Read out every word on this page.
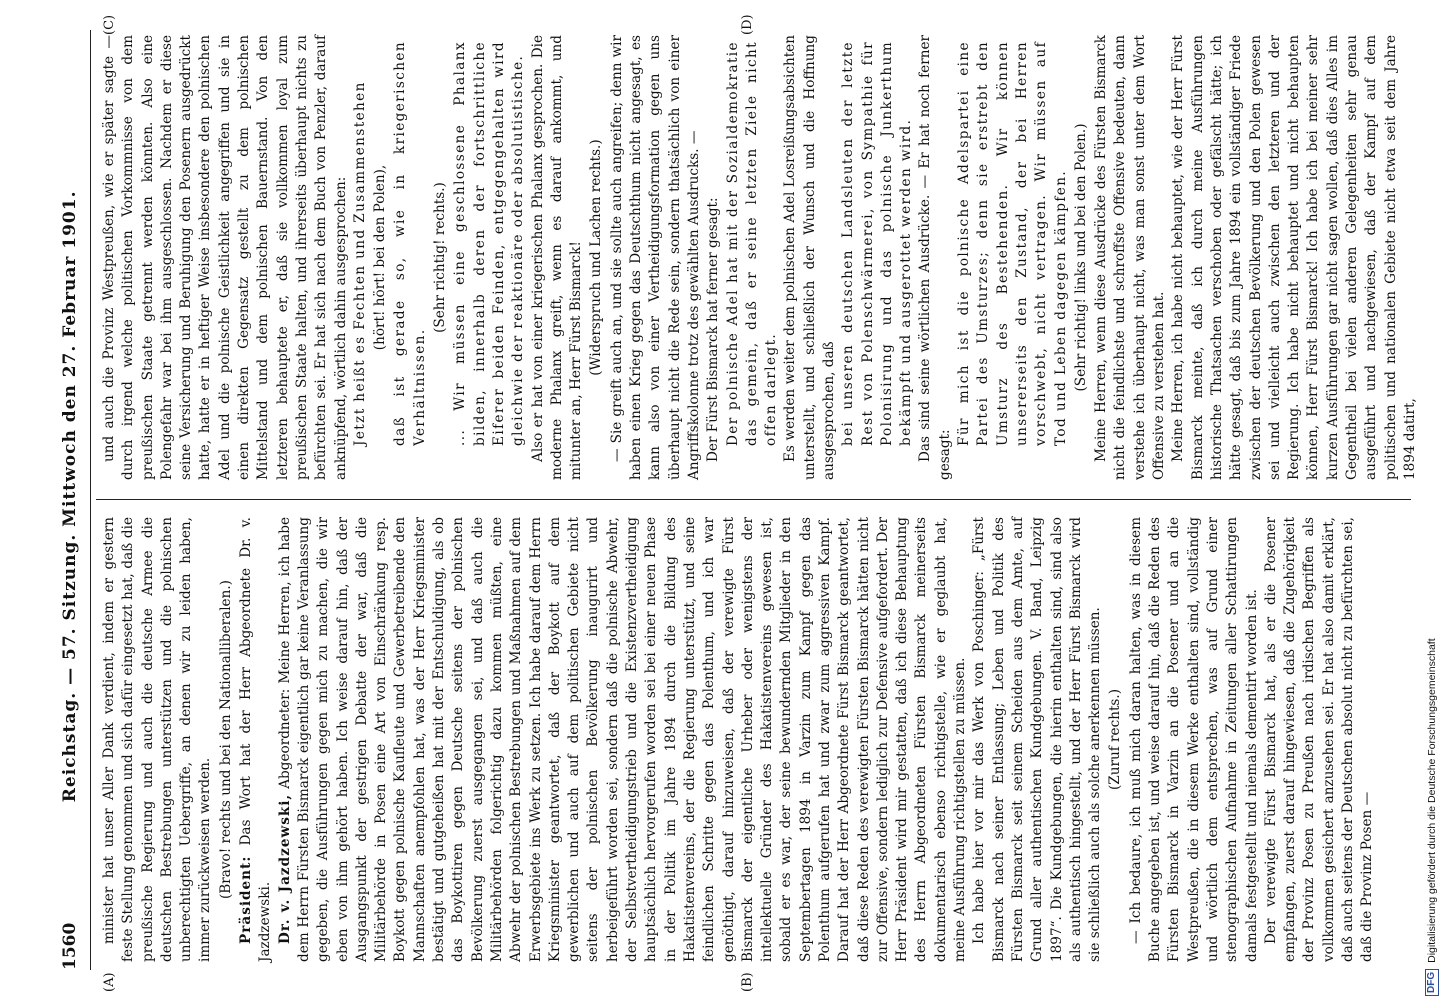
1560
Reichstag. — 57. Sitzung. Mittwoch den 27. Februar 1901.
(A)	(B)
(C)	(D)

minister hat unser Aller Dank verdient, indem er gestern feste Stellung genommen und sich dafür eingesetzt hat, daß die preußische Regierung und auch die deutsche Armee die deutschen Bestrebungen unterstützen und die polnischen unberechtigten Uebergriffe, an denen wir zu leiden haben, immer zurückweisen werden. (Bravo! rechts und bei den Nationalliberalen.)

Präsident: Das Wort hat der Herr Abgeordnete Dr. v. Jazdzewski. Dr. v. Jazdzewski, Abgeordneter: Meine Herren, ich habe dem Herrn Fürsten Bismarck eigentlich gar keine Veranlassung gegeben, die Ausführungen gegen mich zu machen, die wir eben von ihm gehört haben. Ich weise darauf hin, daß der Ausgangspunkt der gestrigen Debatte der war, daß die Militärbehörde in Posen eine Art von Einschränkung resp. Boykott gegen polnische Kaufleute und Gewerbetreibende den Mannschaften anempfohlen hat, was der Herr Kriegsminister bestätigt und gutgeheißen hat mit der Entschuldigung, als ob das Boykottiren gegen Deutsche seitens der polnischen Bevölkerung zuerst ausgegangen sei, und daß auch die Militärbehörden folgerichtig dazu kommen müßten, eine Abwehr der polnischen Bestrebungen und Maßnahmen auf dem Erwerbsgebiete ins Werk zu setzen. Ich habe darauf dem Herrn Kriegsminister geantwortet, daß der Boykott auf dem gewerblichen und auch auf dem politischen Gebiete nicht seitens der polnischen Bevölkerung inaugurirt und herbeigeführt worden sei, sondern daß die polnische Abwehr, der Selbstvertheidigungstrieb und die Existenzvertheidigung hauptsächlich hervorgerufen worden sei bei einer neuen Phase in der Politik im Jahre 1894 durch die Bildung des Hakatistenvereins, der die Regierung unterstützt, und seine feindlichen Schritte gegen das Polenthum, und ich war genöthigt, darauf hinzuweisen, daß der verewigte Fürst Bismarck der eigentliche Urheber oder wenigstens der intellektuelle Gründer des Hakatistenvereins gewesen ist, sobald er es war, der seine bewundernden Mitglieder in den Septembertagen 1894 in Varzin zum Kampf gegen das Polenthum aufgerufen hat und zwar zum aggressiven Kampf. Darauf hat der Herr Abgeordnete Fürst Bismarck geantwortet, daß diese Reden des verewigten Fürsten Bismarck hätten nicht zur Offensive, sondern lediglich zur Defensive aufgefordert. Der Herr Präsident wird mir gestatten, daß ich diese Behauptung des Herrn Abgeordneten Fürsten Bismarck meinerseits dokumentarisch ebenso richtigstelle, wie er geglaubt hat, meine Ausführung richtigstellen zu müssen. Ich habe hier vor mir das Werk von Poschinger: „Fürst Bismarck nach seiner Entlassung; Leben und Politik des Fürsten Bismarck seit seinem Scheiden aus dem Amte, auf Grund aller authentischen Kundgebungen. V. Band, Leipzig 1897“. Die Kundgebungen, die hierin enthalten sind, sind also als authentisch hingestellt, und der Herr Fürst Bismarck wird sie schließlich auch als solche anerkennen müssen. (Zuruf rechts.) — Ich bedaure, ich muß mich daran halten, was in diesem Buche angegeben ist, und weise darauf hin, daß die Reden des Fürsten Bismarck in Varzin an die Posener und an die Westpreußen, die in diesem Werke enthalten sind, vollständig und wörtlich dem entsprechen, was auf Grund einer stenographischen Aufnahme in Zeitungen aller Schattirungen damals festgestellt und niemals dementirt worden ist. Der verewigte Fürst Bismarck hat, als er die Posener empfangen, zuerst darauf hingewiesen, daß die Zugehörigkeit der Provinz Posen zu Preußen nach irdischen Begriffen als vollkommen gesichert anzusehen sei. Er hat also damit erklärt, daß auch seitens der Deutschen absolut nicht zu befürchten sei, daß die Provinz Posen —

und auch die Provinz Westpreußen, wie er später sagte — durch irgend welche politischen Vorkommnisse von dem preußischen Staate getrennt werden könnten. Also eine Polengefahr war bei ihm ausgeschlossen. Nachdem er diese seine Versicherung und Beruhigung den Posenern ausgedrückt hatte, hatte er in heftiger Weise insbesondere den polnischen Adel und die polnische Geistlichkeit angegriffen und sie in einen direkten Gegensatz gestellt zu dem polnischen Mittelstand und dem polnischen Bauernstand. Von den letzteren behauptete er, daß sie vollkommen loyal zum preußischen Staate halten, und ihrerseits überhaupt nichts zu befürchten sei. Er hat sich nach dem Buch von Penzler, darauf anknüpfend, wörtlich dahin ausgesprochen: Jetzt heißt es Fechten und Zusammenstehen (hört! hört! bei den Polen), daß ist gerade so, wie in kriegerischen Verhältnissen.

(Sehr richtig! rechts.) ... Wir müssen eine geschlossene Phalanx bilden, innerhalb deren der fortschrittliche Eiferer beiden Feinden, entgegengehalten wird gleichwie der reaktionäre oder absolutistische. Also er hat von einer kriegerischen Phalanx gesprochen. Die moderne Phalanx greift, wenn es darauf ankommt, und mitunter an, Herr Fürst Bismarck! (Widerspruch und Lachen rechts.) — Sie greift auch an, und sie sollte auch angreifen; denn wir haben einen Krieg gegen das Deutschthum nicht angesagt, es kann also von einer Vertheidigungsformation gegen uns überhaupt nicht die Rede sein, sondern thatsächlich von einer Angriffskolonne trotz des gewählten Ausdrucks. — Der Fürst Bismarck hat ferner gesagt: Der polnische Adel hat mit der Sozialdemokratie das gemein, daß er seine letzten Ziele nicht offen darlegt. Es werden weiter dem polnischen Adel Losreißungsabsichten unterstellt, und schließlich der Wunsch und die Hoffnung ausgesprochen, daß bei unseren deutschen Landsleuten der letzte Rest von Polenschwärmerei, von Sympathie für Polonisirung und das polnische Junkerthum bekämpft und ausgerottet werden wird. Das sind seine wörtlichen Ausdrücke. — Er hat noch ferner gesagt:

Für mich ist die polnische Adelspartei eine Partei des Umsturzes; denn sie erstrebt den Umsturz des Bestehenden. Wir können unsererseits den Zustand, der bei Herren vorschwebt, nicht vertragen. Wir müssen auf Tod und Leben dagegen kämpfen. (Sehr richtig! links und bei den Polen.) Meine Herren, wenn diese Ausdrücke des Fürsten Bismarck nicht die feindlichste und schroffste Offensive bedeuten, dann verstehe ich überhaupt nicht, was man sonst unter dem Wort Offensive zu verstehen hat. Meine Herren, ich habe nicht behauptet, wie der Herr Fürst Bismarck meinte, daß ich durch meine Ausführungen historische Thatsachen verschoben oder gefälscht hätte; ich hätte gesagt, daß bis zum Jahre 1894 ein vollständiger Friede zwischen der deutschen Bevölkerung und den Polen gewesen sei und vielleicht auch zwischen den letzteren und der Regierung. Ich habe nicht behauptet und nicht behaupten können, Herr Fürst Bismarck! Ich habe ich bei meiner sehr kurzen Ausführungen gar nicht sagen wollen, daß dies Alles im Gegentheil bei vielen anderen Gelegenheiten sehr genau ausgeführt und nachgewiesen, daß der Kampf auf dem politischen und nationalen Gebiete nicht etwa seit dem Jahre 1894 datirt,

DFG
Digitalisierung gefördert durch die Deutsche Forschungsgemeinschaft
